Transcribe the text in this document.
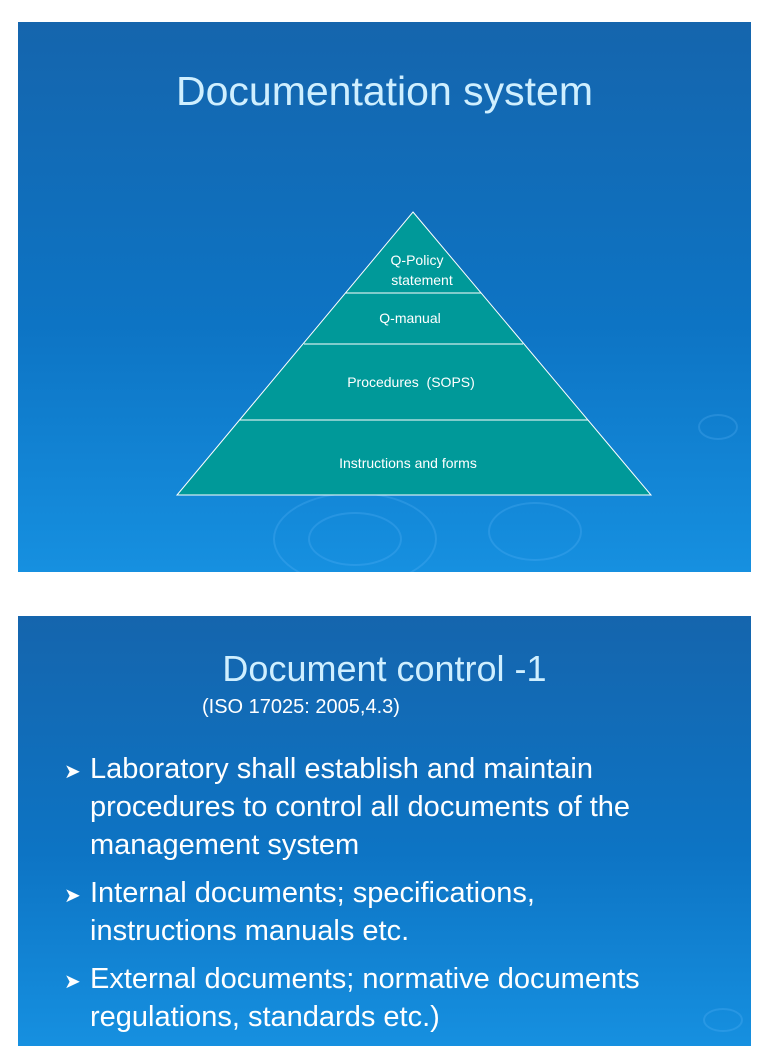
Documentation system
Q-Policy
statement
Q-manual
Procedures  (SOPS)
Instructions and forms
Document control -1
(ISO 17025: 2005,4.3)
➤ Laboratory shall establish and maintain
procedures to control all documents of the
management system
➤ Internal documents; specifications,
instructions manuals etc.
➤ External documents; normative documents
regulations, standards etc.)
